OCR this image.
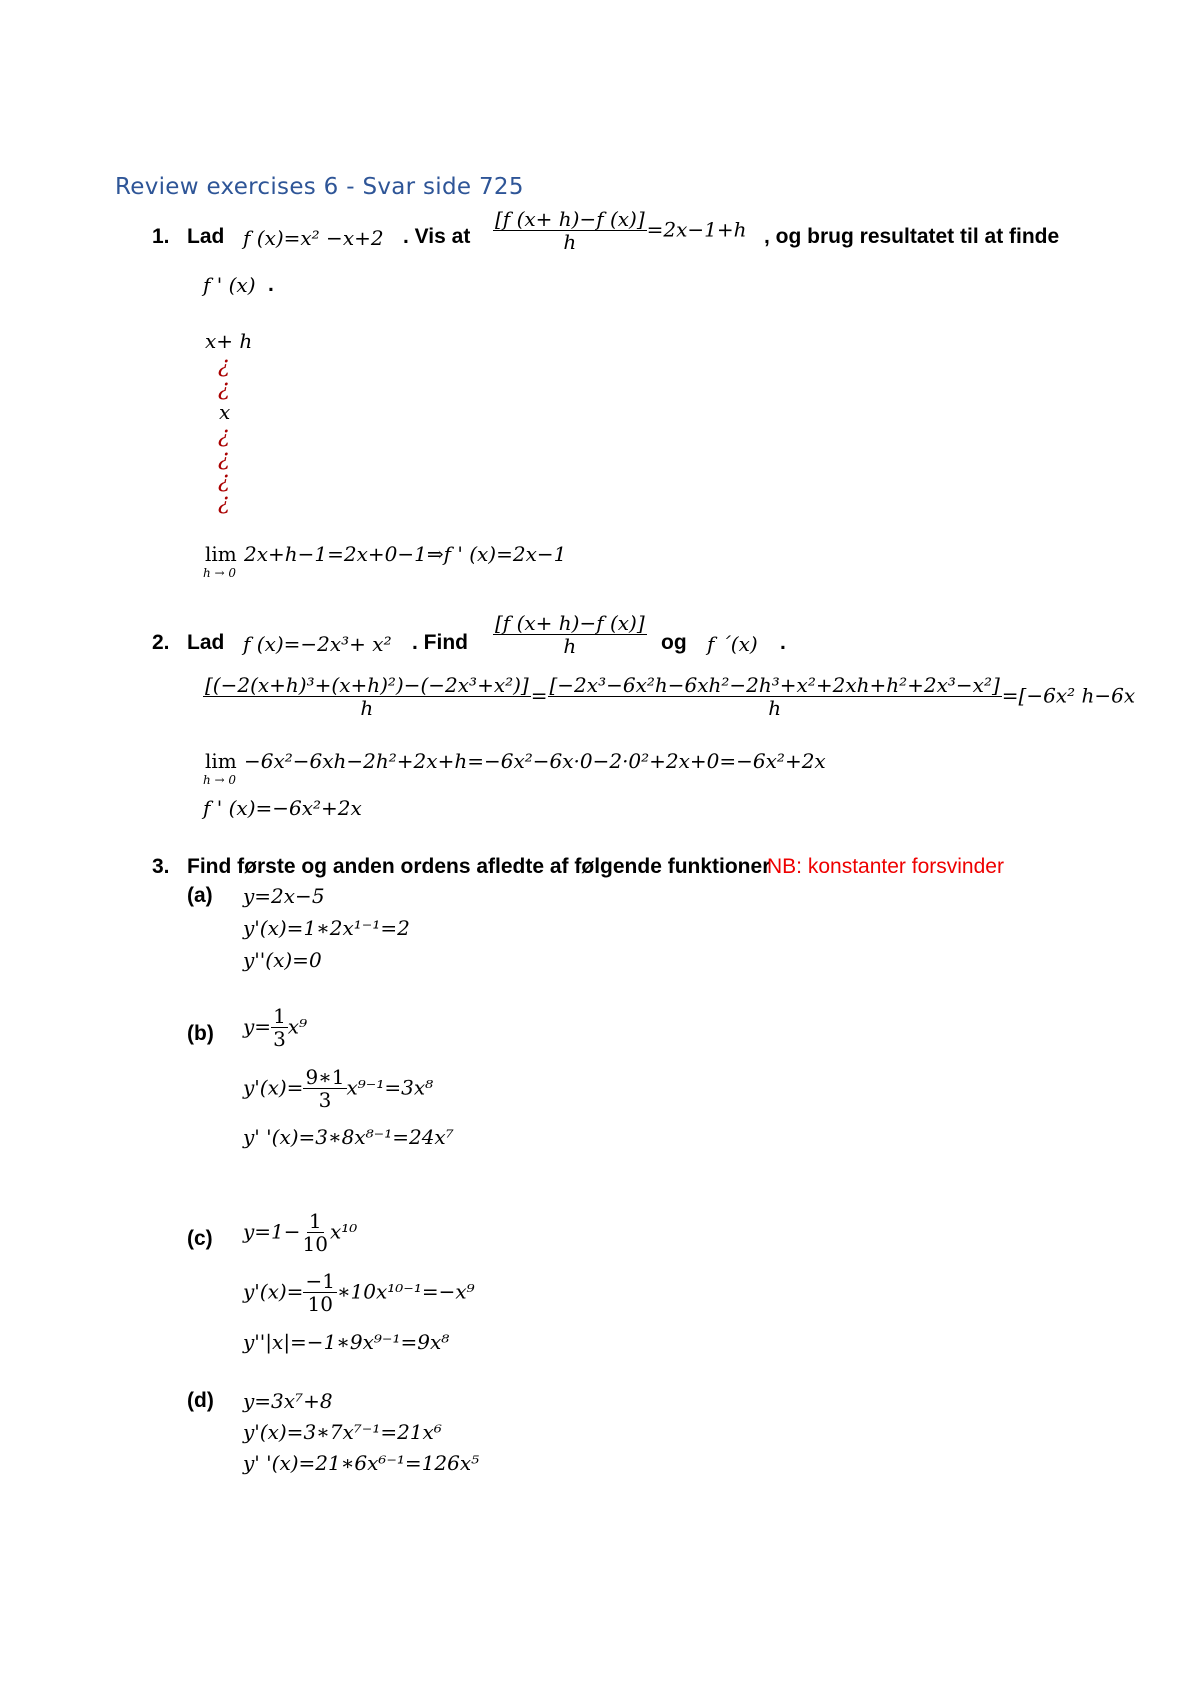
Review exercises 6 - Svar side 725
1. Lad f (x)=x² −x+2 . Vis at $\frac{[f (x+ h)-f (x)]}{h} =2x-1+h$ , og brug resultatet til at finde
f ' (x) .
x+ h
¿
¿
x
¿
¿
¿
¿
lim
h → 0
2x+h−1=2x+0−1⇒f ' (x)=2x−1
2. Lad f (x)=−2x³+ x² . Find $\frac{[f (x+ h)-f (x)]}{h}$ og f ´(x) .
$\frac{\text{[(−2(x+h)³+(x+h)²)−(−2x³+x²)]}}{h} = \frac{\text{[−2x³−6x²h−6xh²−2h³+x²+2xh+h²+2x³−x²]}}{h} =[-6x^2$ h−6x
lim
h → 0
−6x²−6xh−2h²+2x+h=−6x²−6x·0−2·0²+2x+0=−6x²+2x
f ' (x)=−6x²+2x
3. Find første og anden ordens afledte af følgende funktioner
NB: konstanter forsvinder
(a) y=2x−5
y'(x)=1∗2x¹⁻¹=2
y''(x)=0
(b) $y= \frac{1}{3} x^9$
$y'(x)= \frac{9∗1}{3} x^{9-1}=3x^8$
y' '(x)=3∗8x⁸⁻¹=24x⁷
(c) $y=1- \frac{1}{10} x^{10}$
$y'(x)= \frac{-1}{10}$ ∗10x¹⁰⁻¹=−x⁹
y''|x|=−1∗9x⁹⁻¹=9x⁸
(d) y=3x⁷+8
y'(x)=3∗7x⁷⁻¹=21x⁶
y' '(x)=21∗6x⁶⁻¹=126x⁵
